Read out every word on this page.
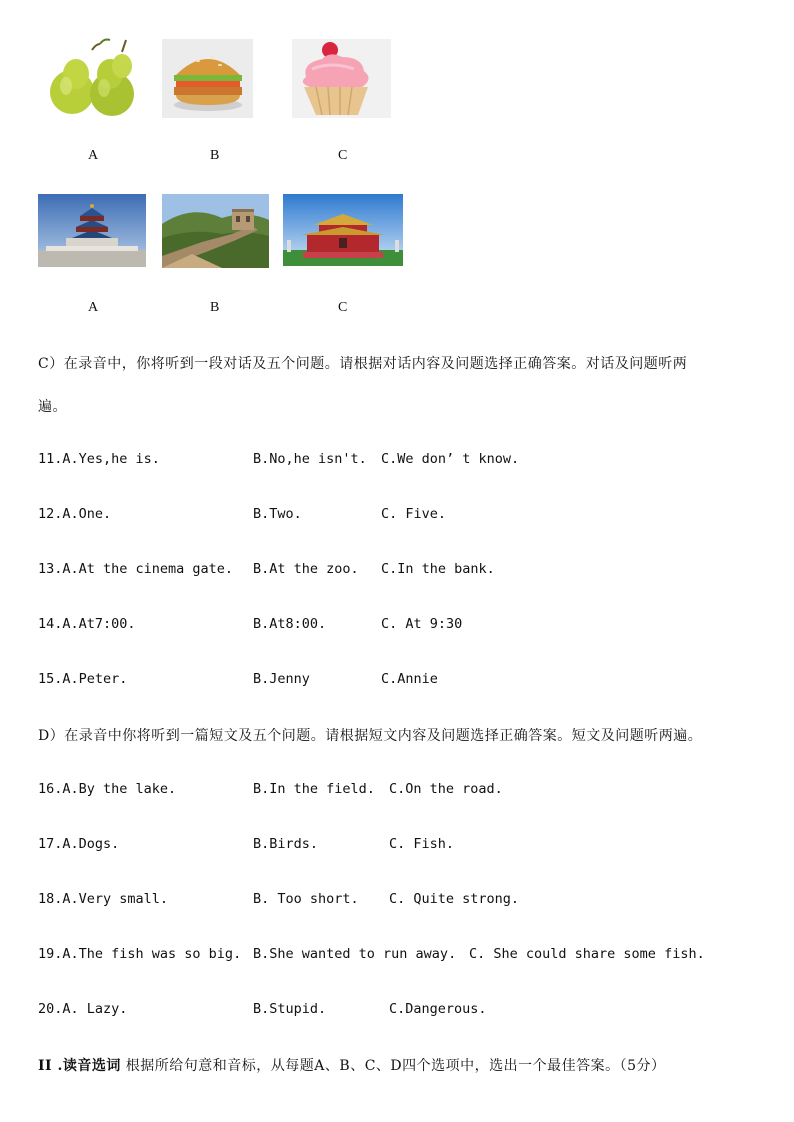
A	B	C
A	B	C
C）在录音中，你将听到一段对话及五个问题。请根据对话内容及问题选择正确答案。对话及问题听两
遍。
11.A.Yes,he is.	B.No,he isn't. C.We don’ t know.
12.A.One.	B.Two.	C. Five.
13.A.At the cinema gate. B.At the zoo. C.In the bank.
14.A.At7:00.	B.At8:00.	C. At 9:30
15.A.Peter.	B.Jenny	C.Annie
D）在录音中你将听到一篇短文及五个问题。请根据短文内容及问题选择正确答案。短文及问题听两遍。
16.A.By the lake.	B.In the field. C.On the road.
17.A.Dogs.	B.Birds.	C. Fish.
18.A.Very small.	B. Too short. C. Quite strong.
19.A.The fish was so big. B.She wanted to run away. C. She could share some fish.
20.A. Lazy.	B.Stupid.	C.Dangerous.
II .读音选词 根据所给句意和音标，从每题A、B、C、D四个选项中，选出一个最佳答案。（5分）
